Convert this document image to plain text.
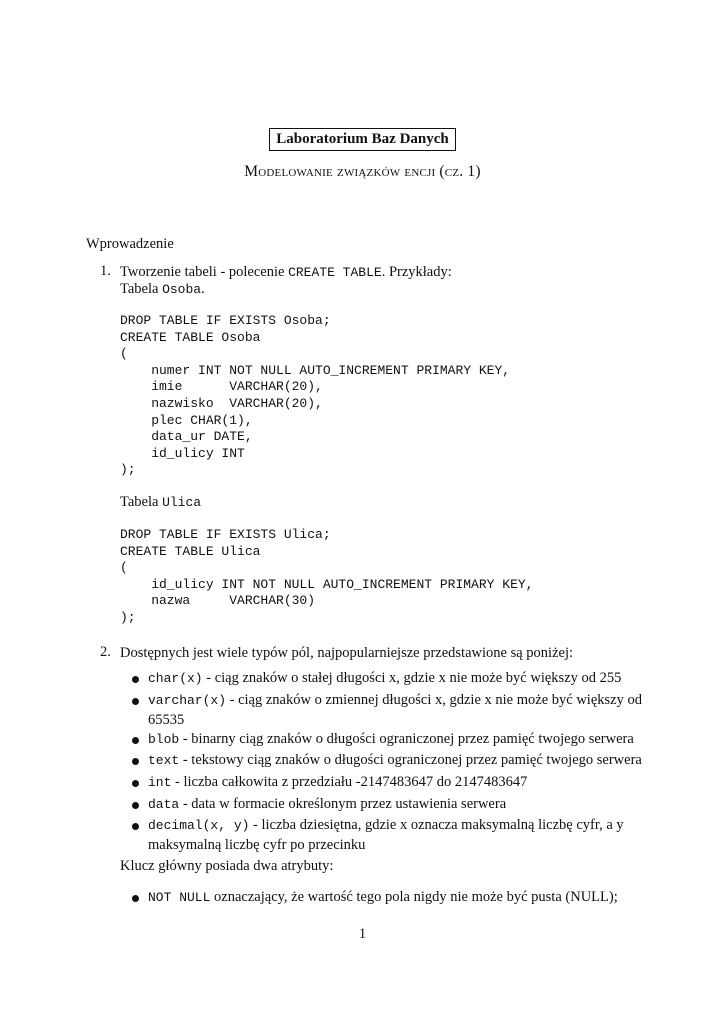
Laboratorium Baz Danych
Modelowanie związków encji (cz. 1)
Wprowadzenie
1. Tworzenie tabeli - polecenie CREATE TABLE. Przykłady:
Tabela Osoba.
DROP TABLE IF EXISTS Osoba;
CREATE TABLE Osoba
(
numer INT NOT NULL AUTO_INCREMENT PRIMARY KEY,
imie      VARCHAR(20),
nazwisko  VARCHAR(20),
plec CHAR(1),
data_ur DATE,
id_ulicy INT
);
Tabela Ulica
DROP TABLE IF EXISTS Ulica;
CREATE TABLE Ulica
(
id_ulicy INT NOT NULL AUTO_INCREMENT PRIMARY KEY,
nazwa     VARCHAR(30)
);
2. Dostępnych jest wiele typów pól, najpopularniejsze przedstawione są poniżej:
char(x) - ciąg znaków o stałej długości x, gdzie x nie może być większy od 255
varchar(x) - ciąg znaków o zmiennej długości x, gdzie x nie może być większy od 65535
blob - binarny ciąg znaków o długości ograniczonej przez pamięć twojego serwera
text - tekstowy ciąg znaków o długości ograniczonej przez pamięć twojego serwera
int - liczba całkowita z przedziału -2147483647 do 2147483647
data - data w formacie określonym przez ustawienia serwera
decimal(x, y) - liczba dziesiętna, gdzie x oznacza maksymalną liczbę cyfr, a y maksymalną liczbę cyfr po przecinku
Klucz główny posiada dwa atrybuty:
NOT NULL oznaczający, że wartość tego pola nigdy nie może być pusta (NULL);
1
